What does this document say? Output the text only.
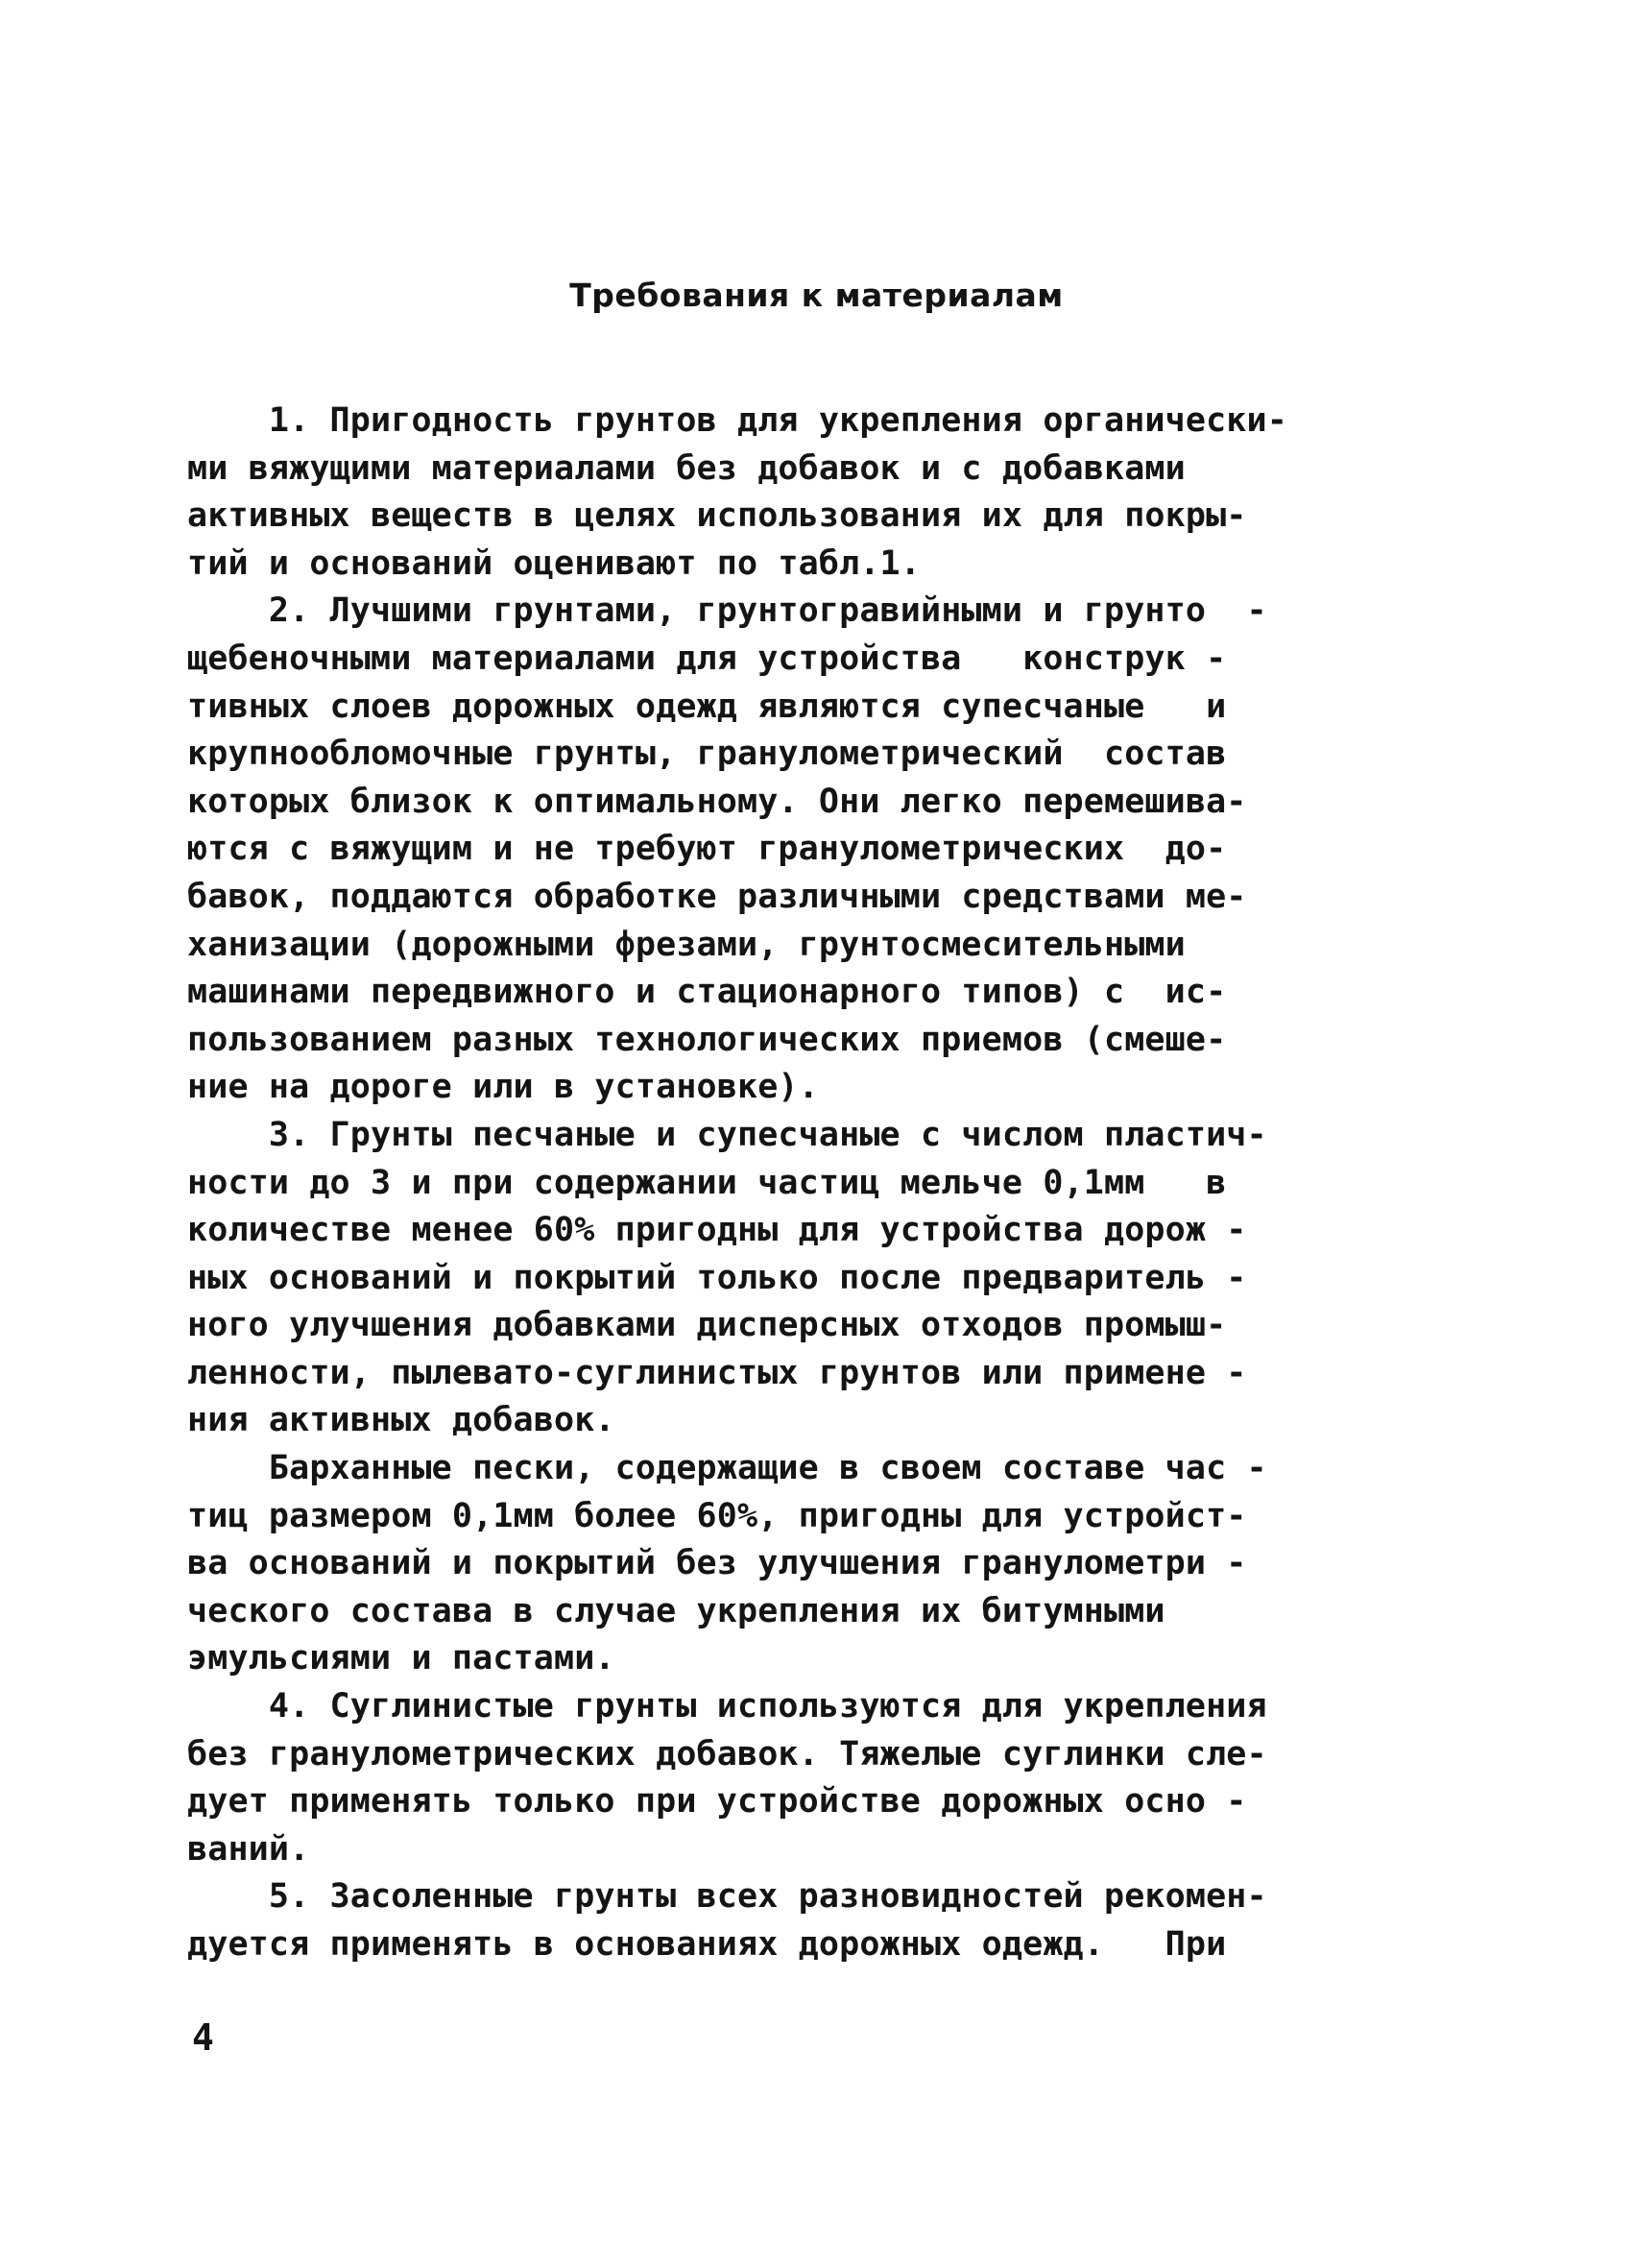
Требования к материалам
1. Пригодность грунтов для укрепления органически-
ми вяжущими материалами без добавок и с добавками
активных веществ в целях использования их для покры-
тий и оснований оценивают по табл.1.
2. Лучшими грунтами, грунтогравийными и грунто  -
щебеночными материалами для устройства   конструк -
тивных слоев дорожных одежд являются супесчаные   и
крупнообломочные грунты, гранулометрический  состав
которых близок к оптимальному. Они легко перемешива-
ются с вяжущим и не требуют гранулометрических  до-
бавок, поддаются обработке различными средствами ме-
ханизации (дорожными фрезами, грунтосмесительными
машинами передвижного и стационарного типов) с  ис-
пользованием разных технологических приемов (смеше-
ние на дороге или в установке).
3. Грунты песчаные и супесчаные с числом пластич-
ности до 3 и при содержании частиц мельче 0,1мм   в
количестве менее 60% пригодны для устройства дорож -
ных оснований и покрытий только после предваритель -
ного улучшения добавками дисперсных отходов промыш-
ленности, пылевато-суглинистых грунтов или примене -
ния активных добавок.
Барханные пески, содержащие в своем составе час -
тиц размером 0,1мм более 60%, пригодны для устройст-
ва оснований и покрытий без улучшения гранулометри -
ческого состава в случае укрепления их битумными
эмульсиями и пастами.
4. Суглинистые грунты используются для укрепления
без гранулометрических добавок. Тяжелые суглинки сле-
дует применять только при устройстве дорожных осно -
ваний.
5. Засоленные грунты всех разновидностей рекомен-
дуется применять в основаниях дорожных одежд.   При
4
